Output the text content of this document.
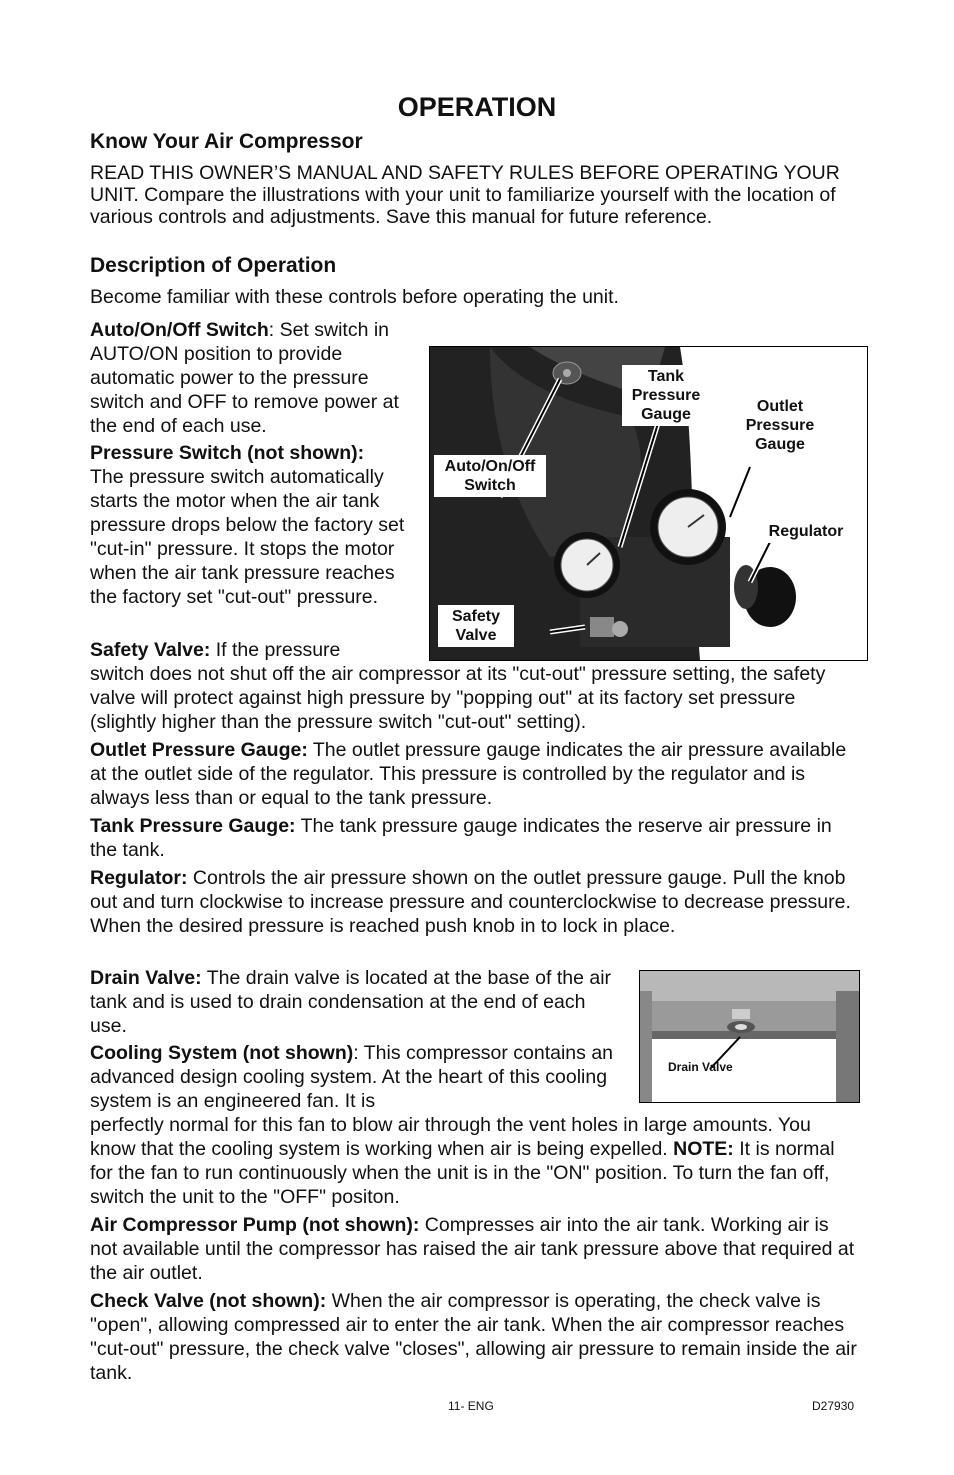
OPERATION
Know Your Air Compressor
READ THIS OWNER’S MANUAL AND SAFETY RULES BEFORE OPERATING YOUR UNIT. Compare the illustrations with your unit to familiarize yourself with the location of various controls and adjustments. Save this manual for future reference.
Description of Operation
Become familiar with these controls before operating the unit.
Auto/On/Off Switch: Set switch in AUTO/ON position to provide automatic power to the pressure switch and OFF to remove power at the end of each use.
Pressure Switch (not shown):
The pressure switch automatically starts the motor when the air tank pressure drops below the factory set "cut-in" pressure. It stops the motor when the air tank pressure reaches the factory set "cut-out" pressure.
Safety Valve: If the pressure
switch does not shut off the air compressor at its "cut-out" pressure setting, the safety valve will protect against high pressure by "popping out" at its factory set pressure (slightly higher than the pressure switch "cut-out" setting).
Tank Pressure Gauge	Outlet Pressure Gauge
Auto/On/Off Switch
Regulator
Safety Valve
Outlet Pressure Gauge: The outlet pressure gauge indicates the air pressure available at the outlet side of the regulator. This pressure is controlled by the regulator and is always less than or equal to the tank pressure.
Tank Pressure Gauge: The tank pressure gauge indicates the reserve air pressure in the tank.
Regulator: Controls the air pressure shown on the outlet pressure gauge. Pull the knob out and turn clockwise to increase pressure and counterclockwise to decrease pressure. When the desired pressure is reached push knob in to lock in place.
Drain Valve: The drain valve is located at the base of the air tank and is used to drain condensation at the end of each use.
Cooling System (not shown): This compressor contains an advanced design cooling system. At the heart of this cooling system is an engineered fan. It is
perfectly normal for this fan to blow air through the vent holes in large amounts. You know that the cooling system is working when air is being expelled. NOTE: It is normal for the fan to run continuously when the unit is in the "ON" position. To turn the fan off, switch the unit to the "OFF" positon.
Drain Valve
Air Compressor Pump (not shown): Compresses air into the air tank. Working air is not available until the compressor has raised the air tank pressure above that required at the air outlet.
Check Valve (not shown): When the air compressor is operating, the check valve is "open", allowing compressed air to enter the air tank. When the air compressor reaches "cut-out" pressure, the check valve "closes", allowing air pressure to remain inside the air tank.
11- ENG	D27930
